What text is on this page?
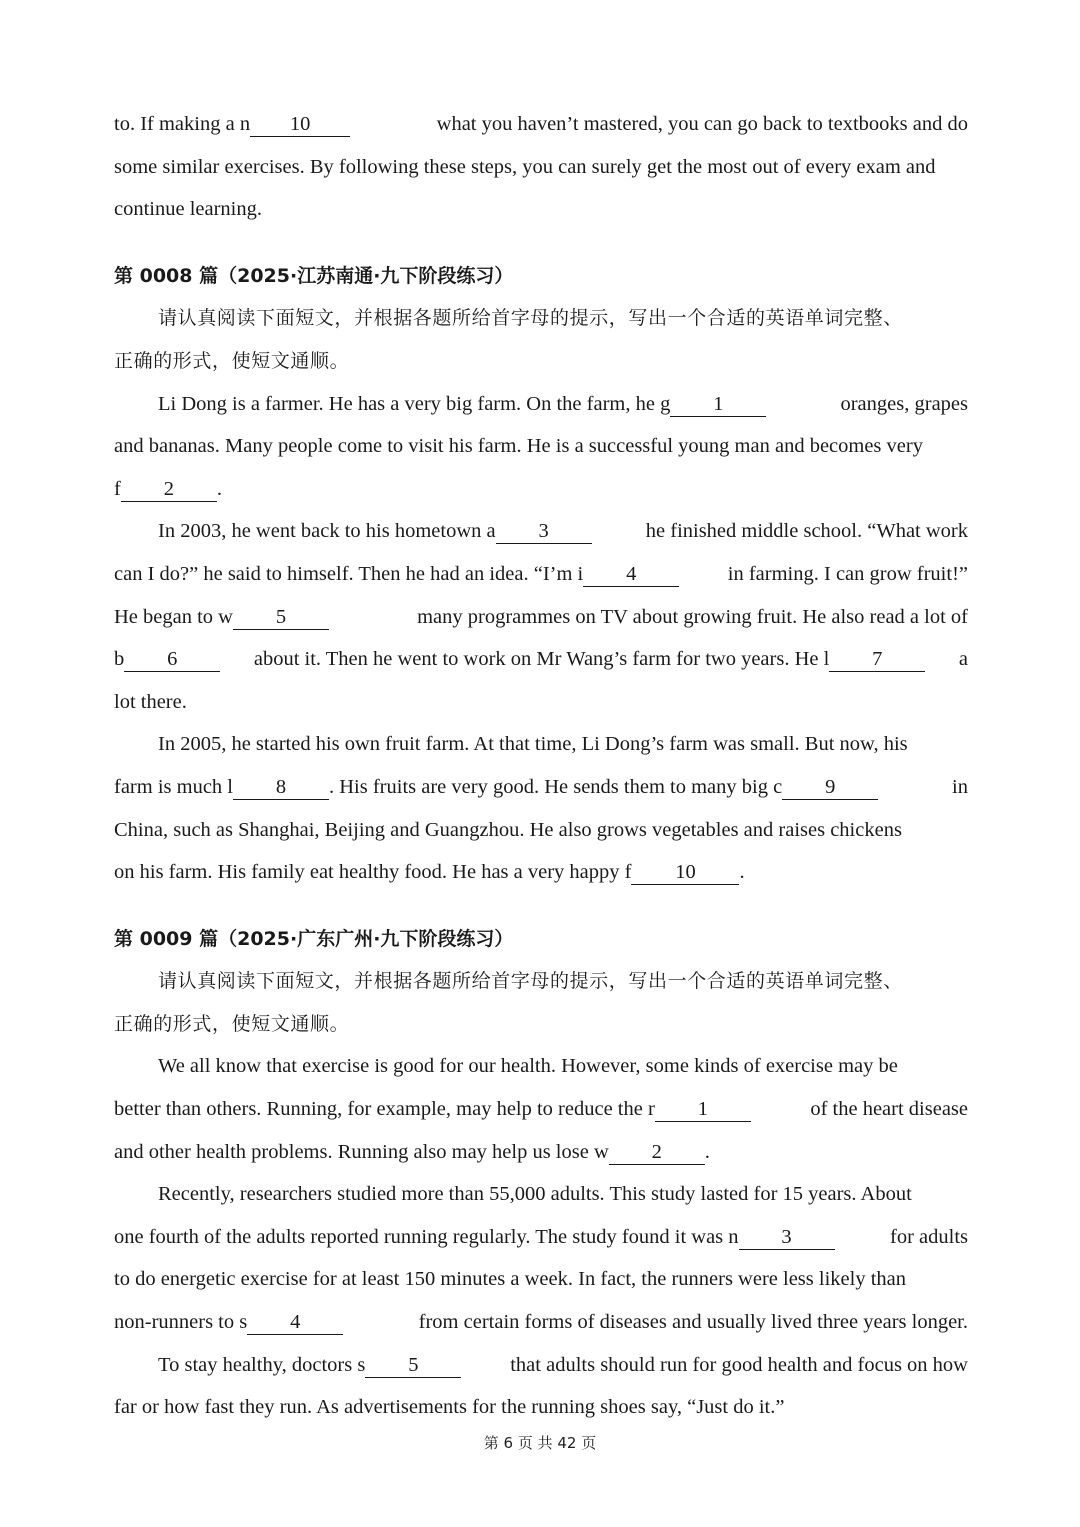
to. If making a n 10	what you haven’t mastered, you can go back to textbooks and do
some similar exercises. By following these steps, you can surely get the most out of every exam and
continue learning.
第 0008 篇（2025·江苏南通·九下阶段练习）
请认真阅读下面短文，并根据各题所给首字母的提示，写出一个合适的英语单词完整、
正确的形式，使短文通顺。
Li Dong is a farmer. He has a very big farm. On the farm, he g 1	oranges, grapes
and bananas. Many people come to visit his farm. He is a successful young man and becomes very
f 2 .
In 2003, he went back to his hometown a 3	he finished middle school. “What work
can I do?” he said to himself. Then he had an idea. “I’m i 4	in farming. I can grow fruit!”
He began to w 5	many programmes on TV about growing fruit. He also read a lot of
b 6	about it. Then he went to work on Mr Wang’s farm for two years. He l 7	a
lot there.
In 2005, he started his own fruit farm. At that time, Li Dong’s farm was small. But now, his
farm is much l 8 . His fruits are very good. He sends them to many big c 9	in
China, such as Shanghai, Beijing and Guangzhou. He also grows vegetables and raises chickens
on his farm. His family eat healthy food. He has a very happy f 10 .
第 0009 篇（2025·广东广州·九下阶段练习）
请认真阅读下面短文，并根据各题所给首字母的提示，写出一个合适的英语单词完整、
正确的形式，使短文通顺。
We all know that exercise is good for our health. However, some kinds of exercise may be
better than others. Running, for example, may help to reduce the r 1	of the heart disease
and other health problems. Running also may help us lose w 2 .
Recently, researchers studied more than 55,000 adults. This study lasted for 15 years. About
one fourth of the adults reported running regularly. The study found it was n 3	for adults
to do energetic exercise for at least 150 minutes a week. In fact, the runners were less likely than
non-runners to s 4	from certain forms of diseases and usually lived three years longer.
To stay healthy, doctors s 5	that adults should run for good health and focus on how
far or how fast they run. As advertisements for the running shoes say, “Just do it.”
第 6 页 共 42 页
